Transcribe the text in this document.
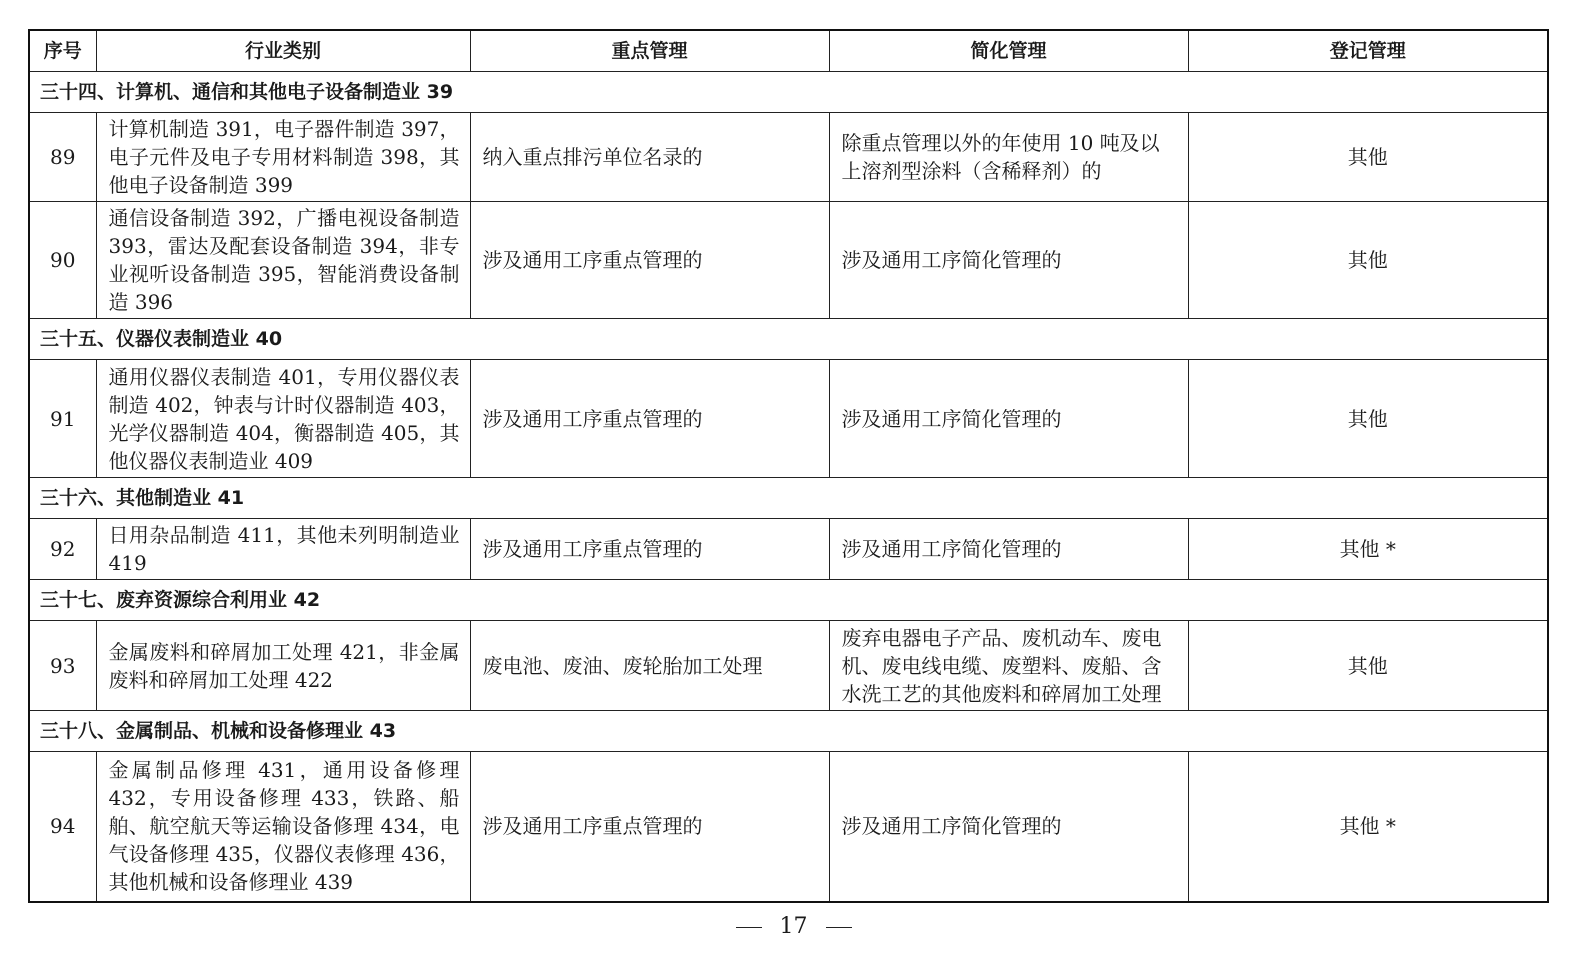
序号	行业类别	重点管理	简化管理	登记管理
三十四、计算机、通信和其他电子设备制造业 39				
89	计算机制造 391，电子器件制造 397，电子元件及电子专用材料制造 398，其他电子设备制造 399	纳入重点排污单位名录的	除重点管理以外的年使用 10 吨及以上溶剂型涂料（含稀释剂）的	其他
90	通信设备制造 392，广播电视设备制造 393，雷达及配套设备制造 394，非专业视听设备制造 395，智能消费设备制造 396	涉及通用工序重点管理的	涉及通用工序简化管理的	其他
三十五、仪器仪表制造业 40				
91	通用仪器仪表制造 401，专用仪器仪表制造 402，钟表与计时仪器制造 403，光学仪器制造 404，衡器制造 405，其他仪器仪表制造业 409	涉及通用工序重点管理的	涉及通用工序简化管理的	其他
三十六、其他制造业 41				
92	日用杂品制造 411，其他未列明制造业 419	涉及通用工序重点管理的	涉及通用工序简化管理的	其他 *
三十七、废弃资源综合利用业 42				
93	金属废料和碎屑加工处理 421，非金属废料和碎屑加工处理 422	废电池、废油、废轮胎加工处理	废弃电器电子产品、废机动车、废电机、废电线电缆、废塑料、废船、含水洗工艺的其他废料和碎屑加工处理	其他
三十八、金属制品、机械和设备修理业 43				
94	金属制品修理 431，通用设备修理 432，专用设备修理 433，铁路、船舶、航空航天等运输设备修理 434，电气设备修理 435，仪器仪表修理 436，其他机械和设备修理业 439	涉及通用工序重点管理的	涉及通用工序简化管理的	其他 *
17
